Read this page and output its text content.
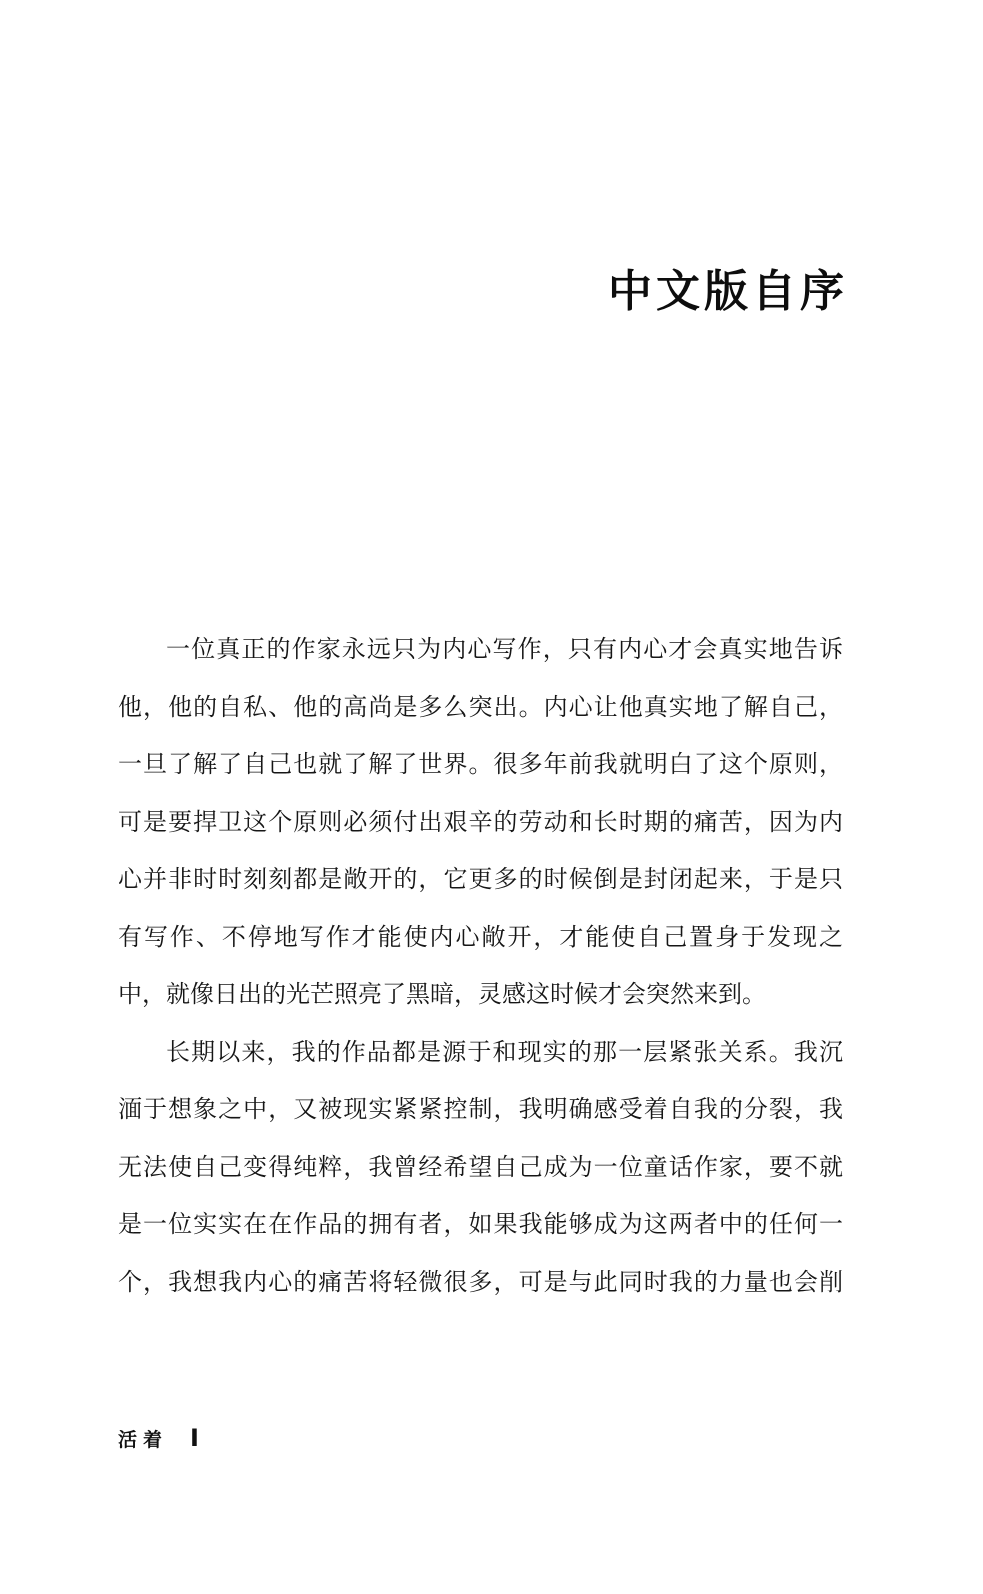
中文版自序
一位真正的作家永远只为内心写作，只有内心才会真实地告诉
他，他的自私、他的高尚是多么突出。内心让他真实地了解自己，
一旦了解了自己也就了解了世界。很多年前我就明白了这个原则，
可是要捍卫这个原则必须付出艰辛的劳动和长时期的痛苦，因为内
心并非时时刻刻都是敞开的，它更多的时候倒是封闭起来，于是只
有写作、不停地写作才能使内心敞开，才能使自己置身于发现之
中，就像日出的光芒照亮了黑暗，灵感这时候才会突然来到。
长期以来，我的作品都是源于和现实的那一层紧张关系。我沉
湎于想象之中，又被现实紧紧控制，我明确感受着自我的分裂，我
无法使自己变得纯粹，我曾经希望自己成为一位童话作家，要不就
是一位实实在在作品的拥有者，如果我能够成为这两者中的任何一
个，我想我内心的痛苦将轻微很多，可是与此同时我的力量也会削
活着 I
